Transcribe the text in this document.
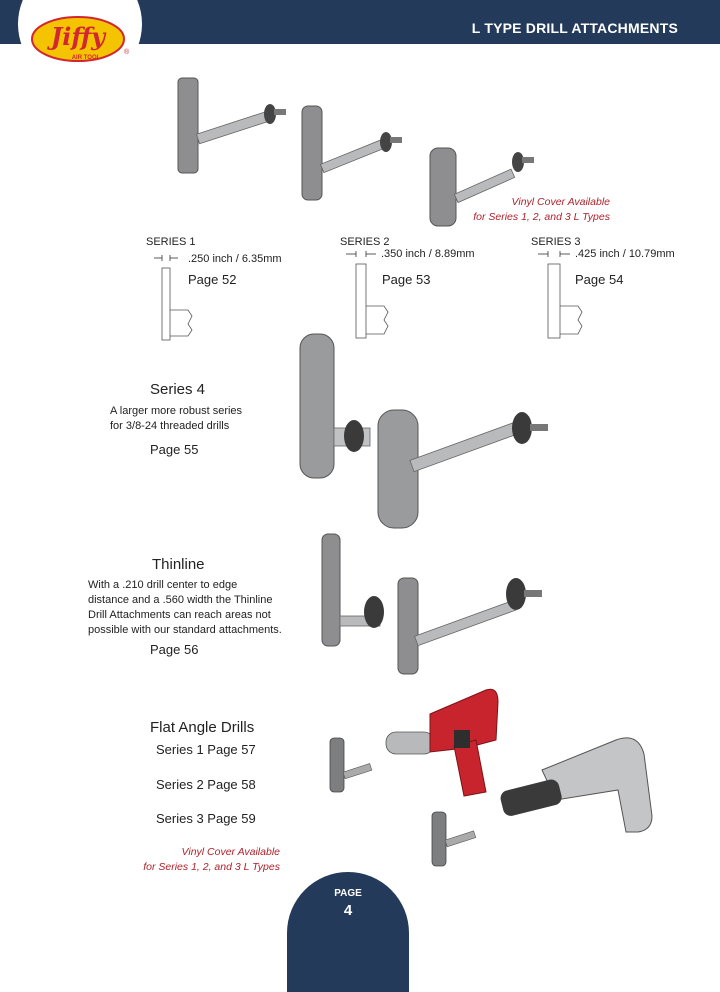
L TYPE DRILL ATTACHMENTS
Jiffy
AIR TOOL
®
Vinyl Cover Available
for Series 1, 2, and 3 L Types
SERIES 1	SERIES 2	SERIES 3
.250 inch / 6.35mm	.350 inch / 8.89mm	.425 inch / 10.79mm
Page 52	Page 53	Page 54
Series 4
A larger more robust series
for 3/8-24 threaded drills
Page 55
Thinline
With a .210 drill center to edge
distance and a .560 width the Thinline
Drill Attachments can reach areas not
possible with our standard attachments.
Page 56
Flat Angle Drills
Series 1 Page 57
Series 2 Page 58
Series 3 Page 59
Vinyl Cover Available
for Series 1, 2, and 3 L Types
PAGE
4
